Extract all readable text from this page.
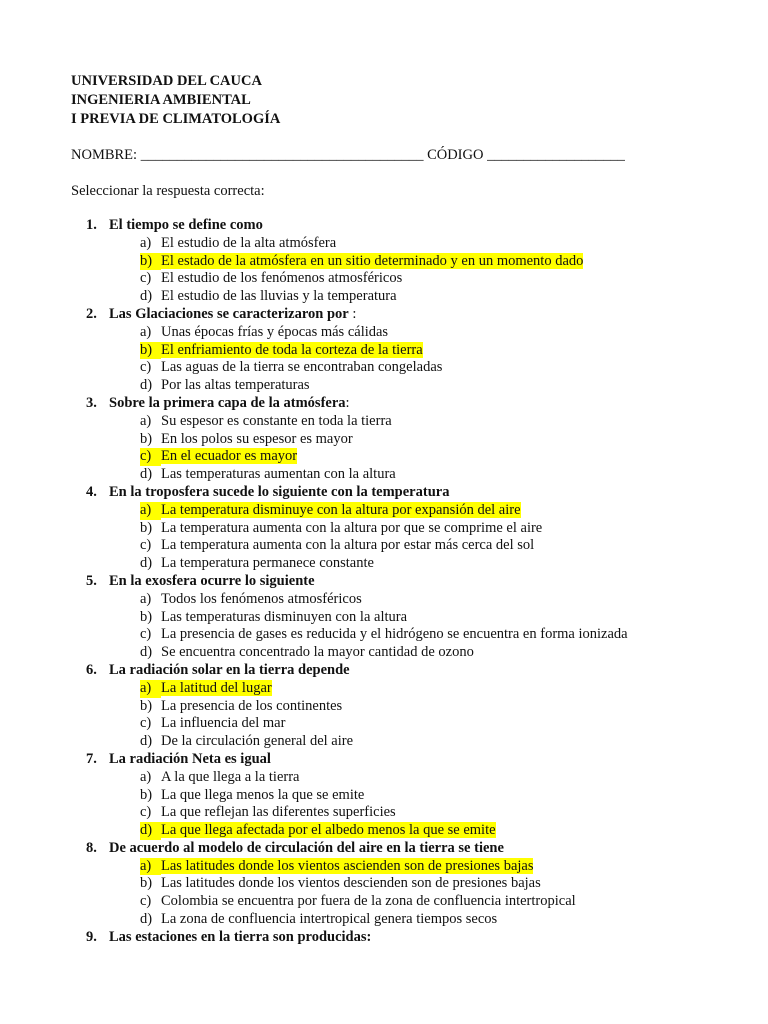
UNIVERSIDAD DEL CAUCA

INGENIERIA AMBIENTAL

I PREVIA DE CLIMATOLOGÍA

NOMBRE: _______________________________________ CÓDIGO ___________________
Seleccionar la respuesta correcta:
1. El tiempo se define como
a) El estudio de la alta atmósfera
b) El estado de la atmósfera en un sitio determinado y en un momento dado
c) El estudio de los fenómenos atmosféricos
d) El estudio de las lluvias y la temperatura
2. Las Glaciaciones se caracterizaron por :
a) Unas épocas frías y épocas más cálidas
b) El enfriamiento de toda la corteza de la tierra
c) Las aguas de la tierra se encontraban congeladas
d) Por las altas temperaturas
3. Sobre la primera capa de la atmósfera:
a) Su espesor es constante en toda la tierra
b) En los polos su espesor es mayor
c) En el ecuador es mayor
d) Las temperaturas aumentan con la altura
4. En la troposfera sucede lo siguiente con la temperatura
a) La temperatura disminuye con la altura por expansión del aire
b) La temperatura aumenta con la altura por que se comprime el aire
c) La temperatura aumenta con la altura por estar más cerca del sol
d) La temperatura permanece constante
5. En la exosfera ocurre lo siguiente
a) Todos los fenómenos atmosféricos
b) Las temperaturas disminuyen con la altura
c) La presencia de gases es reducida y el hidrógeno se encuentra en forma ionizada
d) Se encuentra concentrado la mayor cantidad de ozono
6. La radiación solar en la tierra depende
a) La latitud del lugar
b) La presencia de los continentes
c) La influencia del mar
d) De la circulación general del aire
7. La radiación Neta es igual
a) A la que llega a la tierra
b) La que llega menos la que se emite
c) La que reflejan las diferentes superficies
d) La que llega afectada por el albedo menos la que se emite
8. De acuerdo al modelo de circulación del aire en la tierra se tiene
a) Las latitudes donde los vientos ascienden son de presiones bajas
b) Las latitudes donde los vientos descienden son de presiones bajas
c) Colombia se encuentra por fuera de la zona de confluencia intertropical
d) La zona de confluencia intertropical genera tiempos secos
9. Las estaciones en la tierra son producidas:
